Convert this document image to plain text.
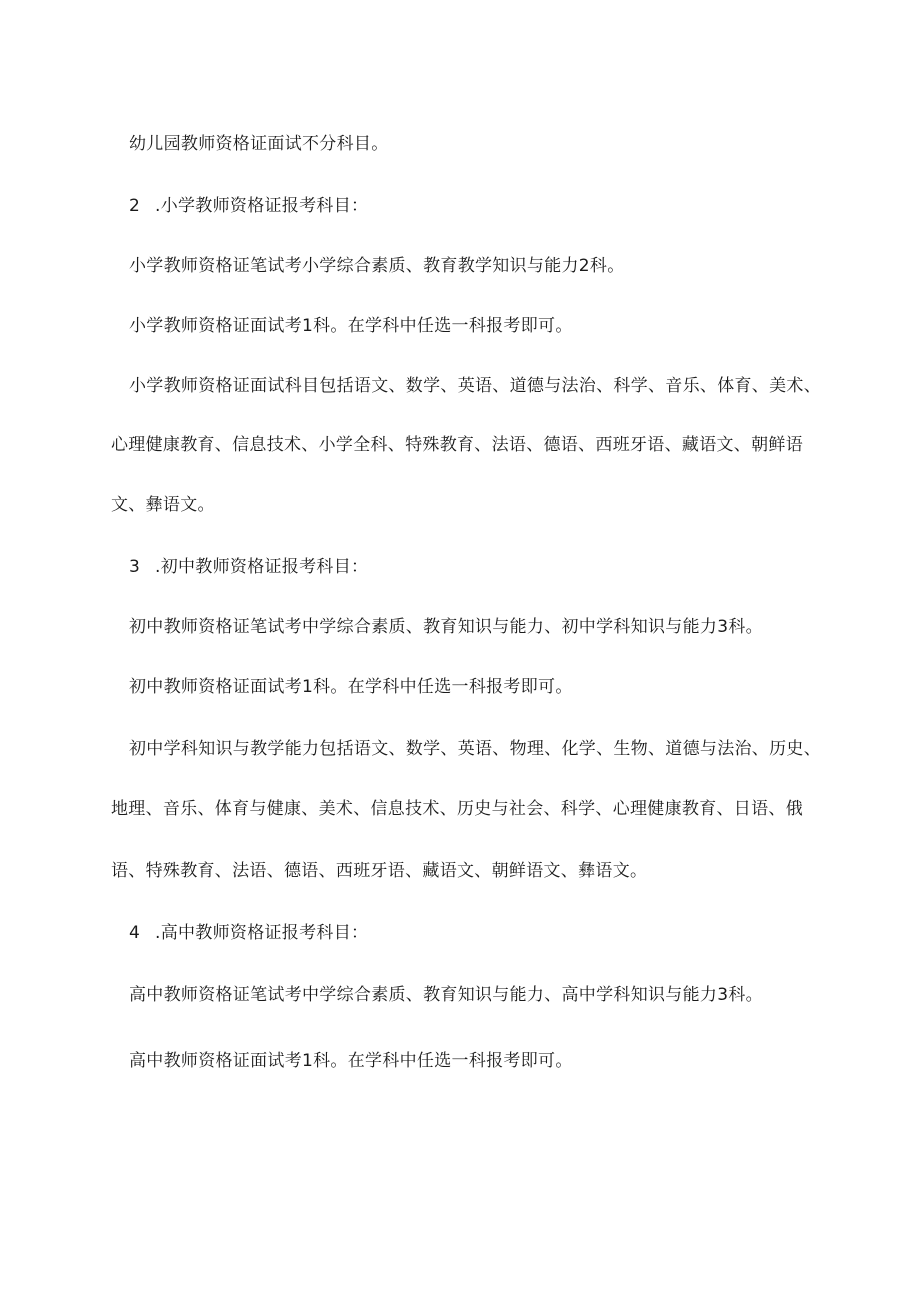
幼儿园教师资格证面试不分科目。
2 .小学教师资格证报考科目：
小学教师资格证笔试考小学综合素质、教育教学知识与能力2科。
小学教师资格证面试考1科。在学科中任选一科报考即可。
小学教师资格证面试科目包括语文、数学、英语、道德与法治、科学、音乐、体育、美术、
心理健康教育、信息技术、小学全科、特殊教育、法语、德语、西班牙语、藏语文、朝鲜语
文、彝语文。
3 .初中教师资格证报考科目：
初中教师资格证笔试考中学综合素质、教育知识与能力、初中学科知识与能力3科。
初中教师资格证面试考1科。在学科中任选一科报考即可。
初中学科知识与教学能力包括语文、数学、英语、物理、化学、生物、道德与法治、历史、
地理、音乐、体育与健康、美术、信息技术、历史与社会、科学、心理健康教育、日语、俄
语、特殊教育、法语、德语、西班牙语、藏语文、朝鲜语文、彝语文。
4 .高中教师资格证报考科目：
高中教师资格证笔试考中学综合素质、教育知识与能力、高中学科知识与能力3科。
高中教师资格证面试考1科。在学科中任选一科报考即可。
